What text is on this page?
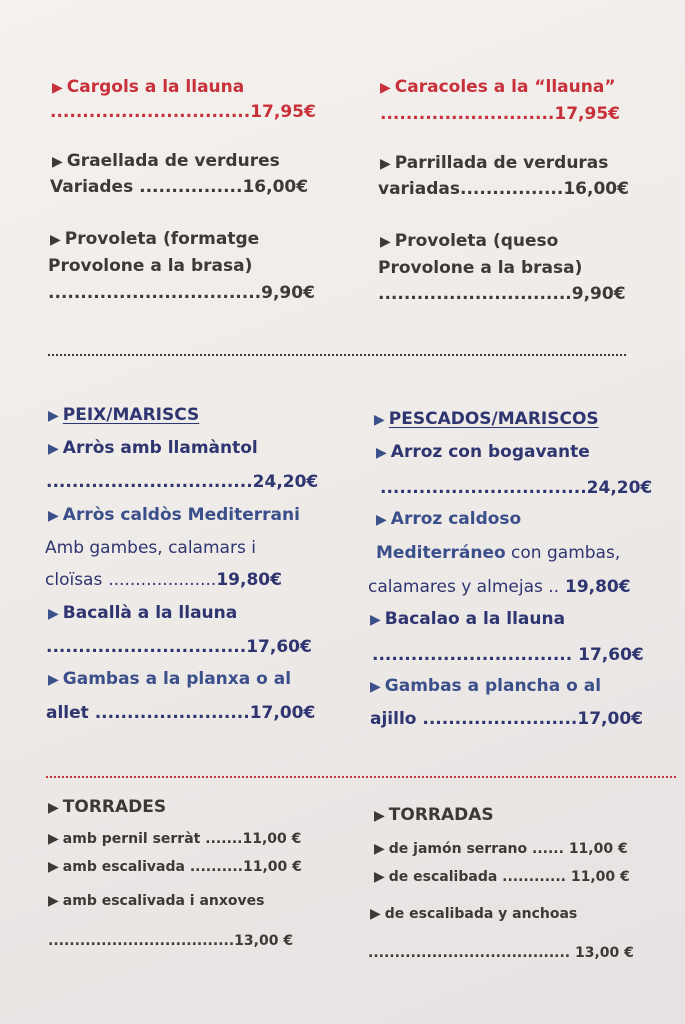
▶ Cargols a la llauna

...............................17,95€

▶ Graellada de verdures

Variades ................16,00€

▶ Provoleta (formatge

Provolone a la brasa)

.................................9,90€

▶ Caracoles a la “llauna”

...........................17,95€

▶ Parrillada de verduras

variadas................16,00€

▶ Provoleta (queso

Provolone a la brasa)

..............................9,90€

▶ PEIX/MARISCS

▶ Arròs amb llamàntol

................................24,20€

▶ Arròs caldòs Mediterrani

Amb gambes, calamars i

cloïsas ....................19,80€

▶ Bacallà a la llauna

...............................17,60€

▶ Gambas a la planxa o al

allet ........................17,00€

▶ PESCADOS/MARISCOS

▶ Arroz con bogavante

................................24,20€

▶ Arroz caldoso

Mediterráneo con gambas,

calamares y almejas .. 19,80€

▶ Bacalao a la llauna

............................... 17,60€

▶ Gambas a plancha o al

ajillo ........................17,00€

▶ TORRADES

▶ amb pernil serràt .......11,00 €

▶ amb escalivada ..........11,00 €

▶ amb escalivada i anxoves

...................................13,00 €

▶ TORRADAS

▶ de jamón serrano ...... 11,00 €

▶ de escalibada ............ 11,00 €

▶ de escalibada y anchoas

...................................... 13,00 €
